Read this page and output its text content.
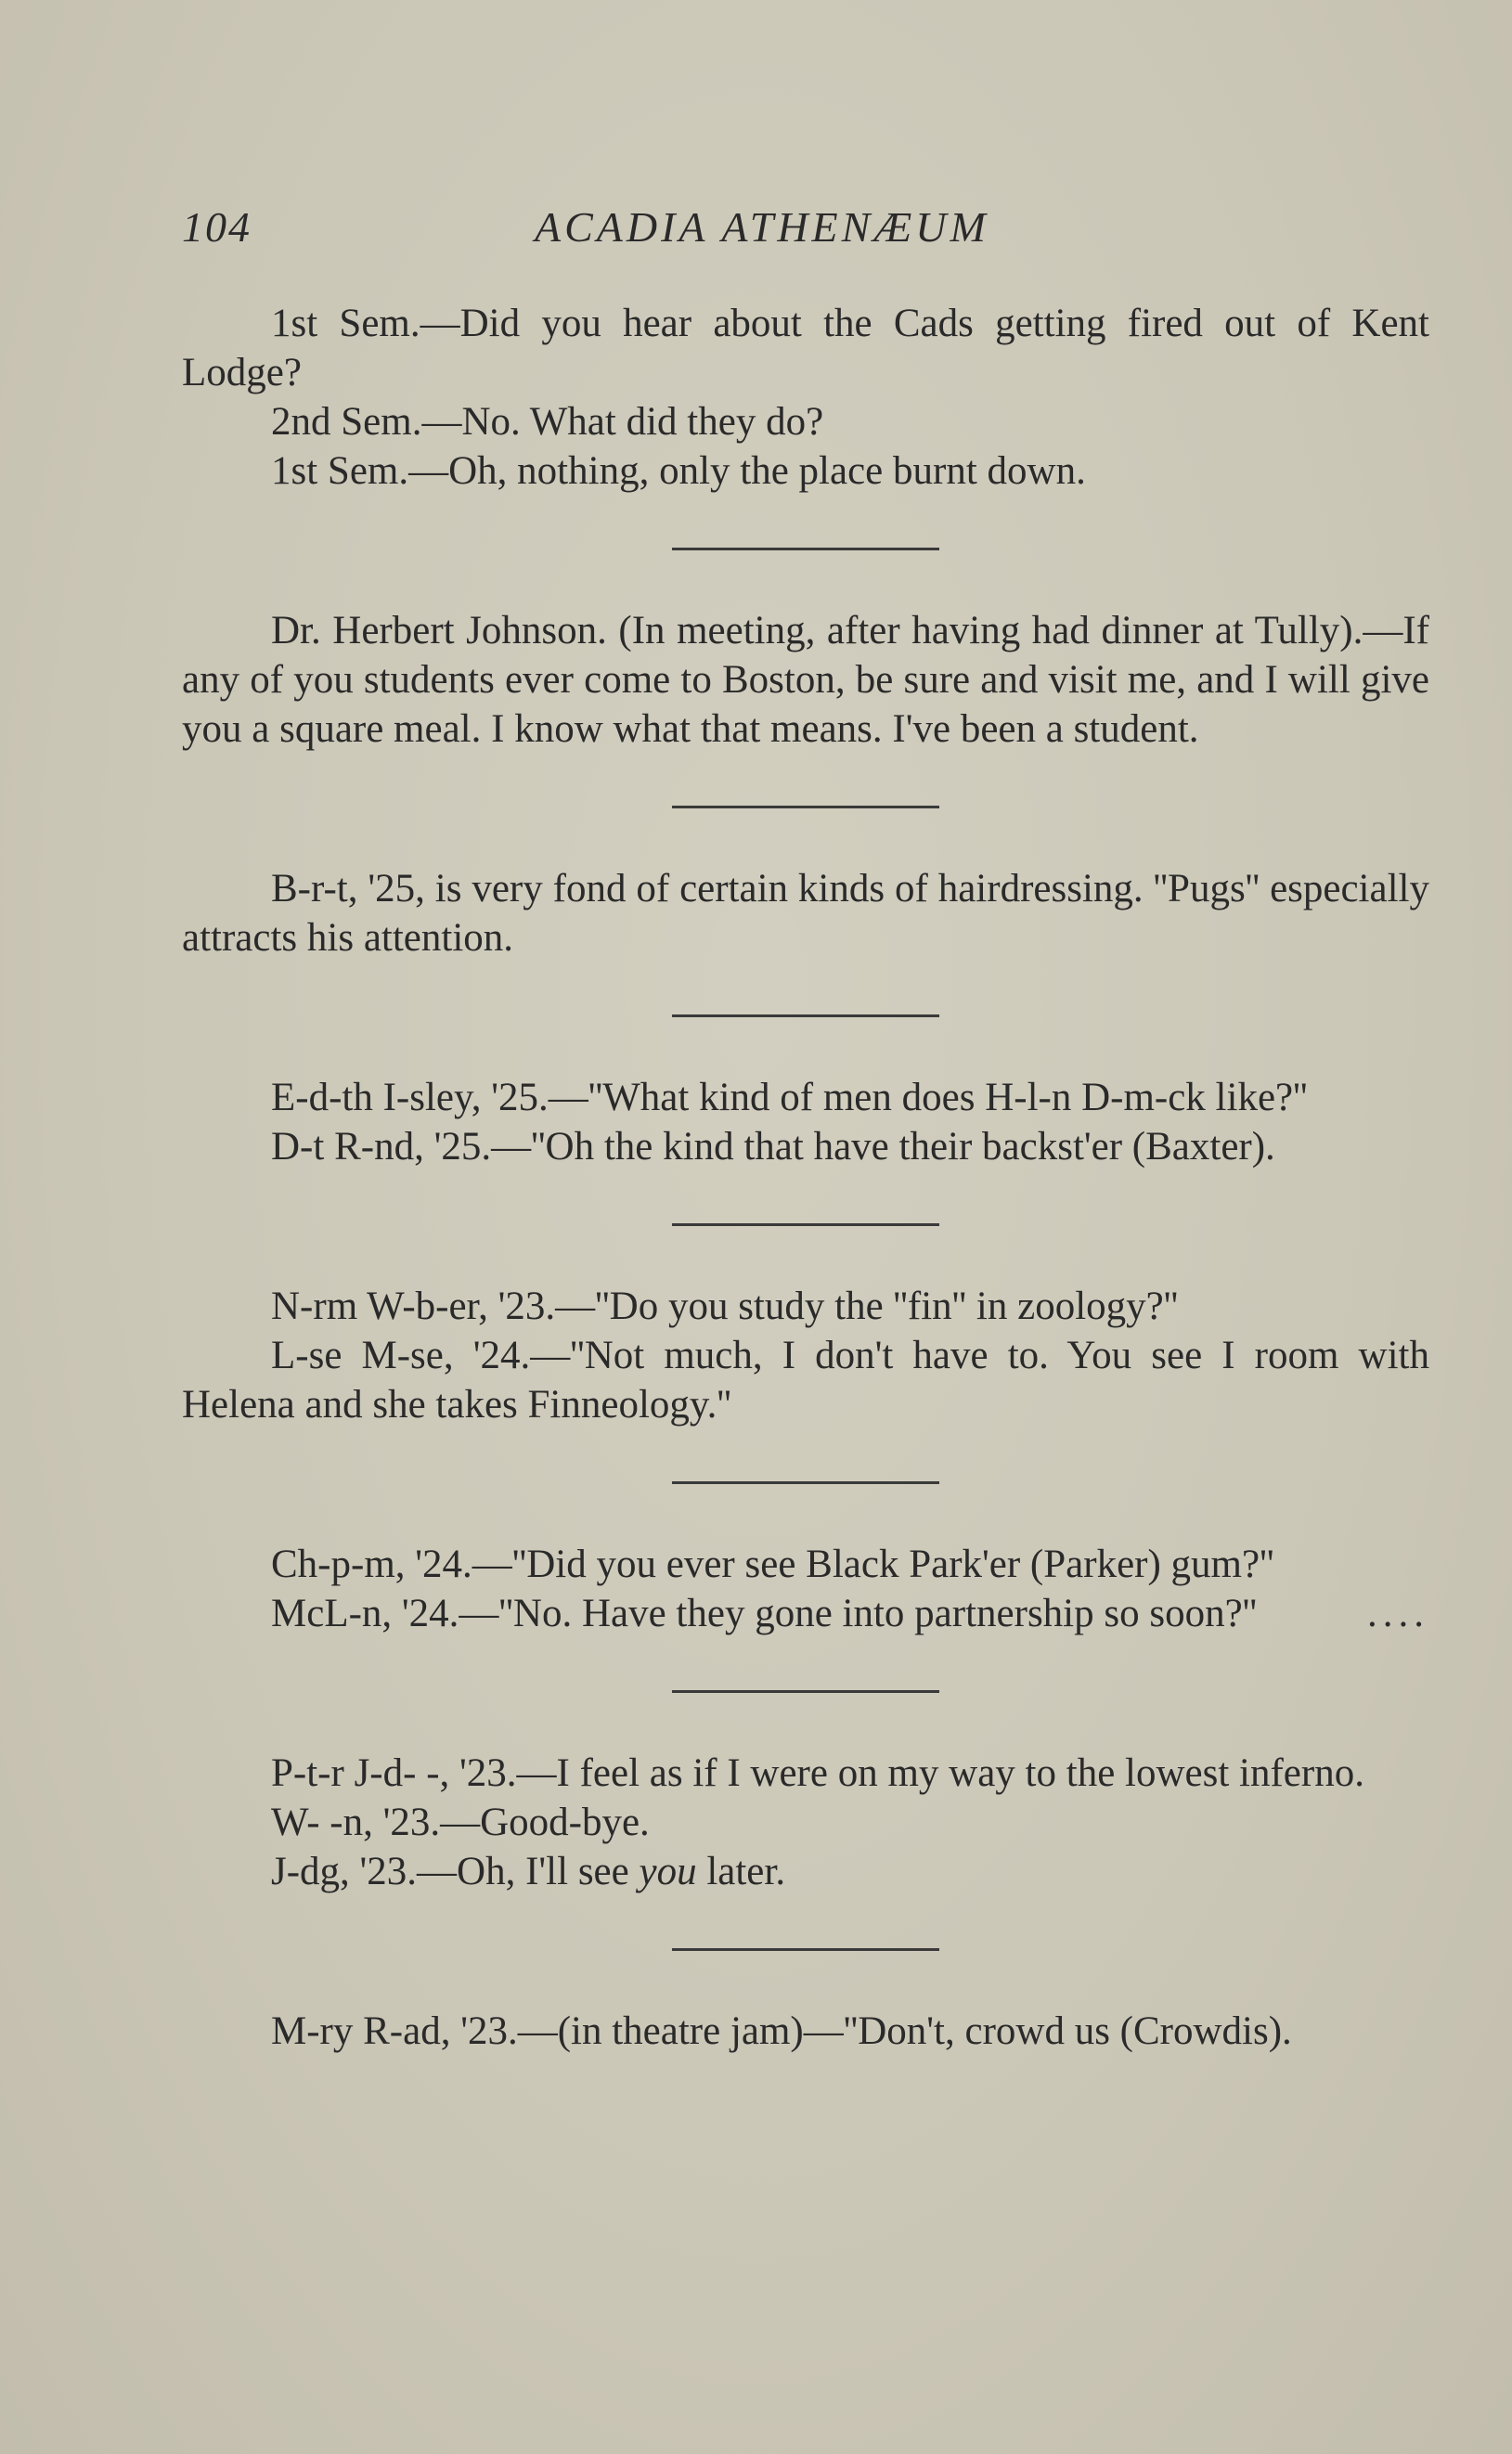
104	ACADIA ATHENÆUM

1st Sem.—Did you hear about the Cads getting fired out of Kent Lodge?

2nd Sem.—No. What did they do?

1st Sem.—Oh, nothing, only the place burnt down.

Dr. Herbert Johnson. (In meeting, after having had dinner at Tully).—If any of you students ever come to Boston, be sure and visit me, and I will give you a square meal. I know what that means. I've been a student.

B-r-t, '25, is very fond of certain kinds of hairdressing. ''Pugs'' especially attracts his attention.

E-d-th I-sley, '25.—''What kind of men does H-l-n D-m-ck like?''

D-t R-nd, '25.—''Oh the kind that have their backst'er (Baxter).

N-rm W-b-er, '23.—''Do you study the ''fin'' in zoology?''

L-se M-se, '24.—''Not much, I don't have to. You see I room with Helena and she takes Finneology.''

Ch-p-m, '24.—''Did you ever see Black Park'er (Parker) gum?''

McL-n, '24.—''No. Have they gone into partnership so soon?''	....

P-t-r J-d- -, '23.—I feel as if I were on my way to the lowest inferno.

W- -n, '23.—Good-bye.

J-dg, '23.—Oh, I'll see you later.

M-ry R-ad, '23.—(in theatre jam)—''Don't, crowd us (Crowdis).
